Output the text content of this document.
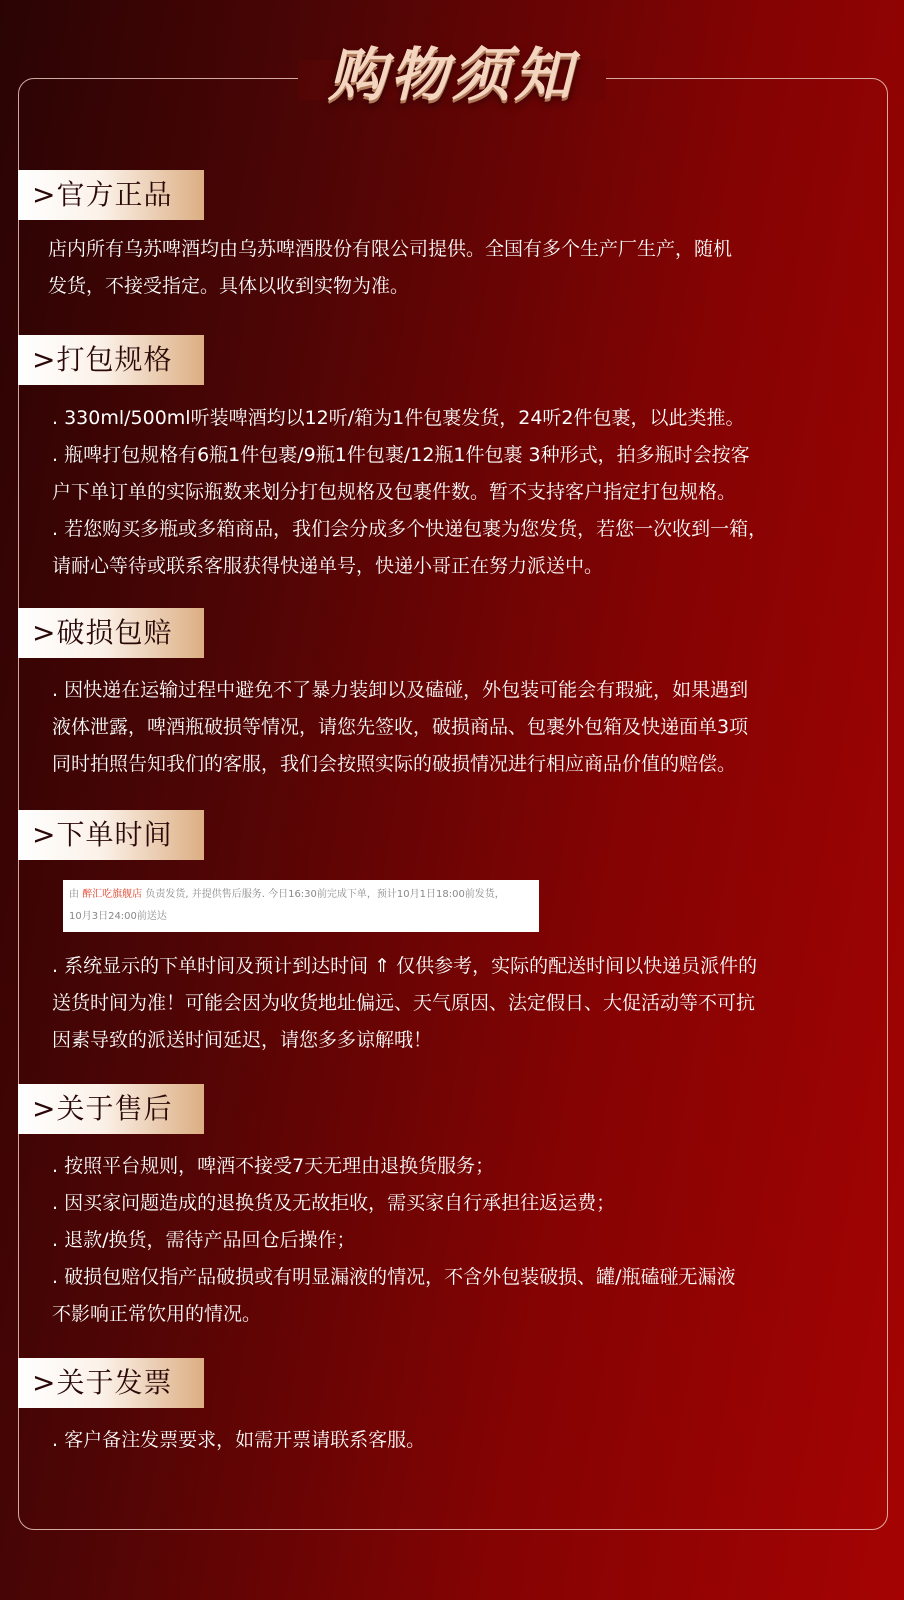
购物须知
>官方正品

店内所有乌苏啤酒均由乌苏啤酒股份有限公司提供。全国有多个生产厂生产，随机

发货，不接受指定。具体以收到实物为准。

>打包规格

. 330ml/500ml听装啤酒均以12听/箱为1件包裹发货，24听2件包裹，以此类推。

. 瓶啤打包规格有6瓶1件包裹/9瓶1件包裹/12瓶1件包裹 3种形式，拍多瓶时会按客

户下单订单的实际瓶数来划分打包规格及包裹件数。暂不支持客户指定打包规格。

. 若您购买多瓶或多箱商品，我们会分成多个快递包裹为您发货，若您一次收到一箱，

请耐心等待或联系客服获得快递单号，快递小哥正在努力派送中。

>破损包赔

. 因快递在运输过程中避免不了暴力装卸以及磕碰，外包装可能会有瑕疵，如果遇到

液体泄露，啤酒瓶破损等情况，请您先签收，破损商品、包裹外包箱及快递面单3项

同时拍照告知我们的客服，我们会按照实际的破损情况进行相应商品价值的赔偿。

>下单时间
由 醉汇吃旗舰店 负责发货, 并提供售后服务. 今日16:30前完成下单，预计10月1日18:00前发货，
10月3日24:00前送达

. 系统显示的下单时间及预计到达时间 ⇑ 仅供参考，实际的配送时间以快递员派件的

送货时间为准！可能会因为收货地址偏远、天气原因、法定假日、大促活动等不可抗

因素导致的派送时间延迟，请您多多谅解哦！

>关于售后

. 按照平台规则，啤酒不接受7天无理由退换货服务；

. 因买家问题造成的退换货及无故拒收，需买家自行承担往返运费；

. 退款/换货，需待产品回仓后操作；

. 破损包赔仅指产品破损或有明显漏液的情况，不含外包装破损、罐/瓶磕碰无漏液

不影响正常饮用的情况。

>关于发票

. 客户备注发票要求，如需开票请联系客服。
